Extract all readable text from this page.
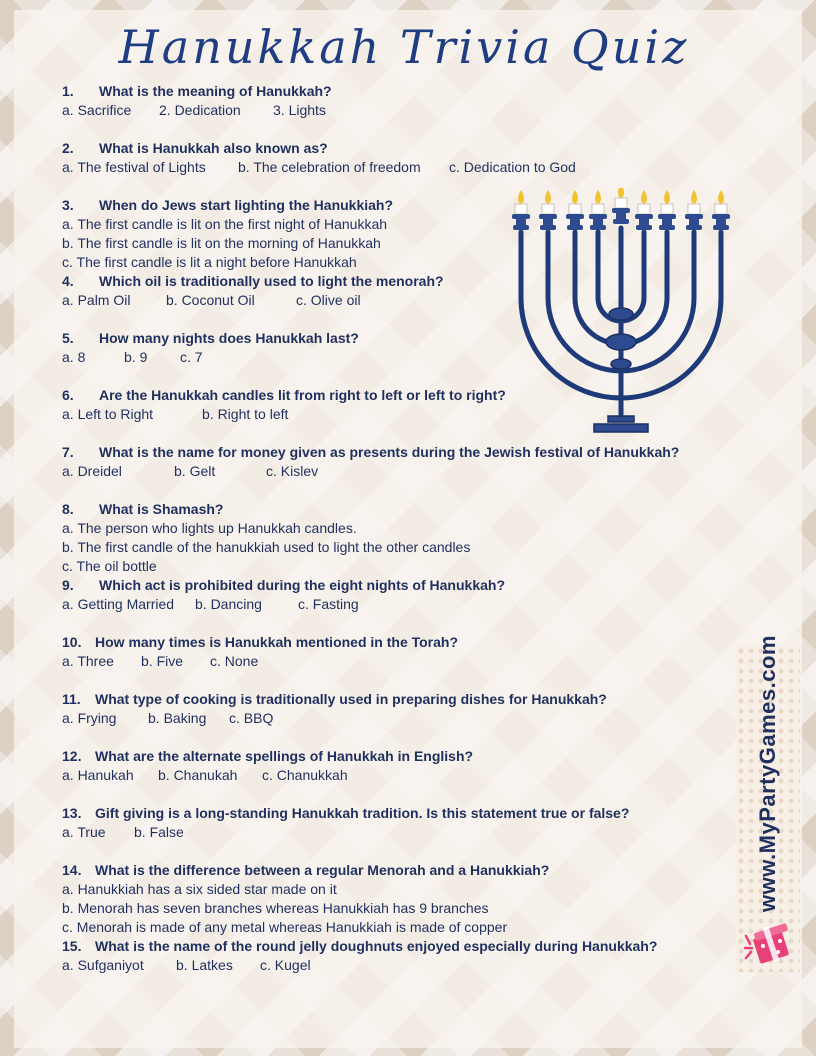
Hanukkah Trivia Quiz
1. What is the meaning of Hanukkah?
a. Sacrifice 2. Dedication 3. Lights
2. What is Hanukkah also known as?
a. The festival of Lights b. The celebration of freedom c. Dedication to God
3. When do Jews start lighting the Hanukkiah?
a. The first candle is lit on the first night of Hanukkah
b. The first candle is lit on the morning of Hanukkah
c. The first candle is lit a night before Hanukkah
4. Which oil is traditionally used to light the menorah?
a. Palm Oil	b. Coconut Oil	c. Olive oil
5. How many nights does Hanukkah last?
a. 8	b. 9 c. 7
6. Are the Hanukkah candles lit from right to left or left to right?
a. Left to Right	b. Right to left
7. What is the name for money given as presents during the Jewish festival of Hanukkah?
a. Dreidel	b. Gelt	c. Kislev
8. What is Shamash?
a. The person who lights up Hanukkah candles.
b. The first candle of the hanukkiah used to light the other candles
c. The oil bottle
9. Which act is prohibited during the eight nights of Hanukkah?
a. Getting Married b. Dancing	c. Fasting
10. How many times is Hanukkah mentioned in the Torah?
a. Three b. Five c. None
11. What type of cooking is traditionally used in preparing dishes for Hanukkah?
a. Frying b. Baking c. BBQ
12. What are the alternate spellings of Hanukkah in English?
a. Hanukah b. Chanukah c. Chanukkah
13. Gift giving is a long-standing Hanukkah tradition. Is this statement true or false?
a. True b. False
14. What is the difference between a regular Menorah and a Hanukkiah?
a. Hanukkiah has a six sided star made on it
b. Menorah has seven branches whereas Hanukkiah has 9 branches
c. Menorah is made of any metal whereas Hanukkiah is made of copper
15. What is the name of the round jelly doughnuts enjoyed especially during Hanukkah?
a. Sufganiyot b. Latkes c. Kugel
www.MyPartyGames.com
